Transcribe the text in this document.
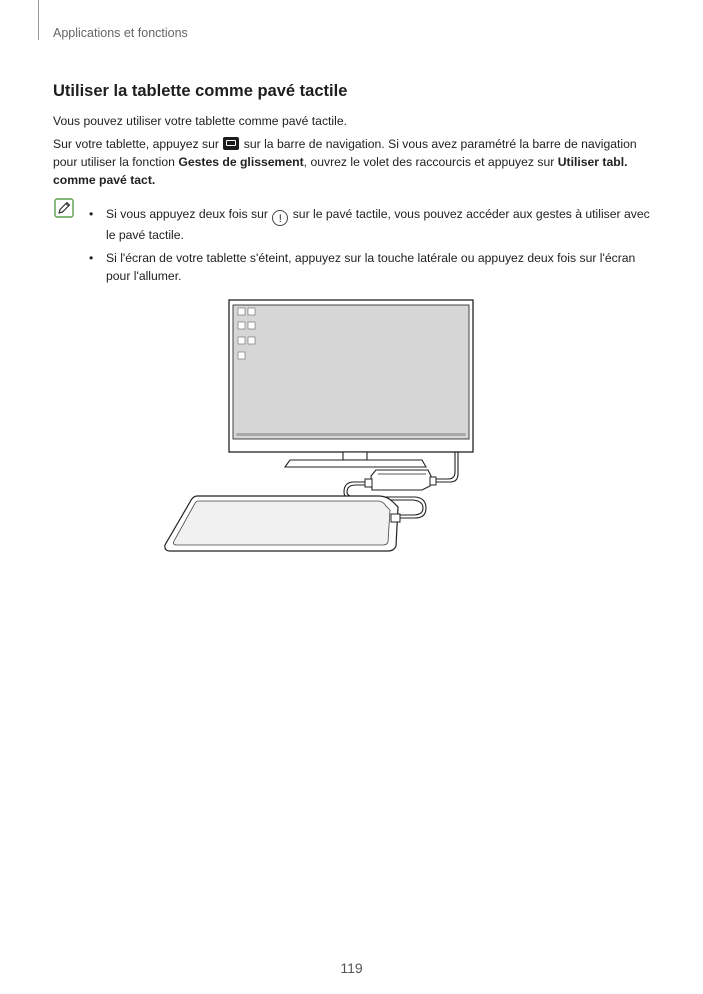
Applications et fonctions
Utiliser la tablette comme pavé tactile
Vous pouvez utiliser votre tablette comme pavé tactile.
Sur votre tablette, appuyez sur sur la barre de navigation. Si vous avez paramétré la barre de navigation pour utiliser la fonction Gestes de glissement, ouvrez le volet des raccourcis et appuyez sur Utiliser tabl. comme pavé tact.
• Si vous appuyez deux fois sur ! sur le pavé tactile, vous pouvez accéder aux gestes à utiliser avec le pavé tactile.
• Si l'écran de votre tablette s'éteint, appuyez sur la touche latérale ou appuyez deux fois sur l'écran pour l'allumer.
119
